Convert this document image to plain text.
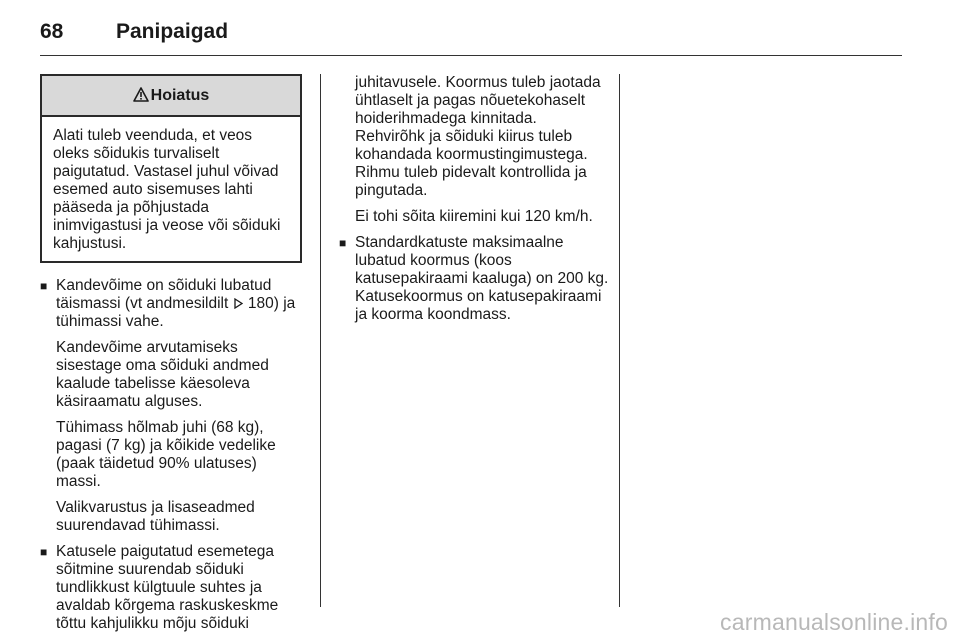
68	Panipaigad
Hoiatus
Alati tuleb veenduda, et veos oleks sõidukis turvaliselt paigutatud. Vastasel juhul võivad esemed auto sisemuses lahti pääseda ja põhjustada inimvigastusi ja veose või sõiduki kahjustusi.
■ Kandevõime on sõiduki lubatud täismassi (vt andmesildilt 180) ja tühimassi vahe.

Kandevõime arvutamiseks sisestage oma sõiduki andmed kaalude tabelisse käesoleva käsiraamatu alguses.

Tühimass hõlmab juhi (68 kg), pagasi (7 kg) ja kõikide vedelike (paak täidetud 90% ulatuses) massi.

Valikvarustus ja lisaseadmed suurendavad tühimassi.

■ Katusele paigutatud esemetega sõitmine suurendab sõiduki tundlikkust külgtuule suhtes ja avaldab kõrgema raskuskeskme tõttu kahjulikku mõju sõiduki

juhitavusele. Koormus tuleb jaotada ühtlaselt ja pagas nõuetekohaselt hoiderihmadega kinnitada. Rehvirõhk ja sõiduki kiirus tuleb kohandada koormustingimustega. Rihmu tuleb pidevalt kontrollida ja pingutada.

Ei tohi sõita kiiremini kui 120 km/h.

■ Standardkatuste maksimaalne lubatud koormus (koos katusepakiraami kaaluga) on 200 kg. Katusekoormus on katusepakiraami ja koorma koondmass.

carmanualsonline.info
